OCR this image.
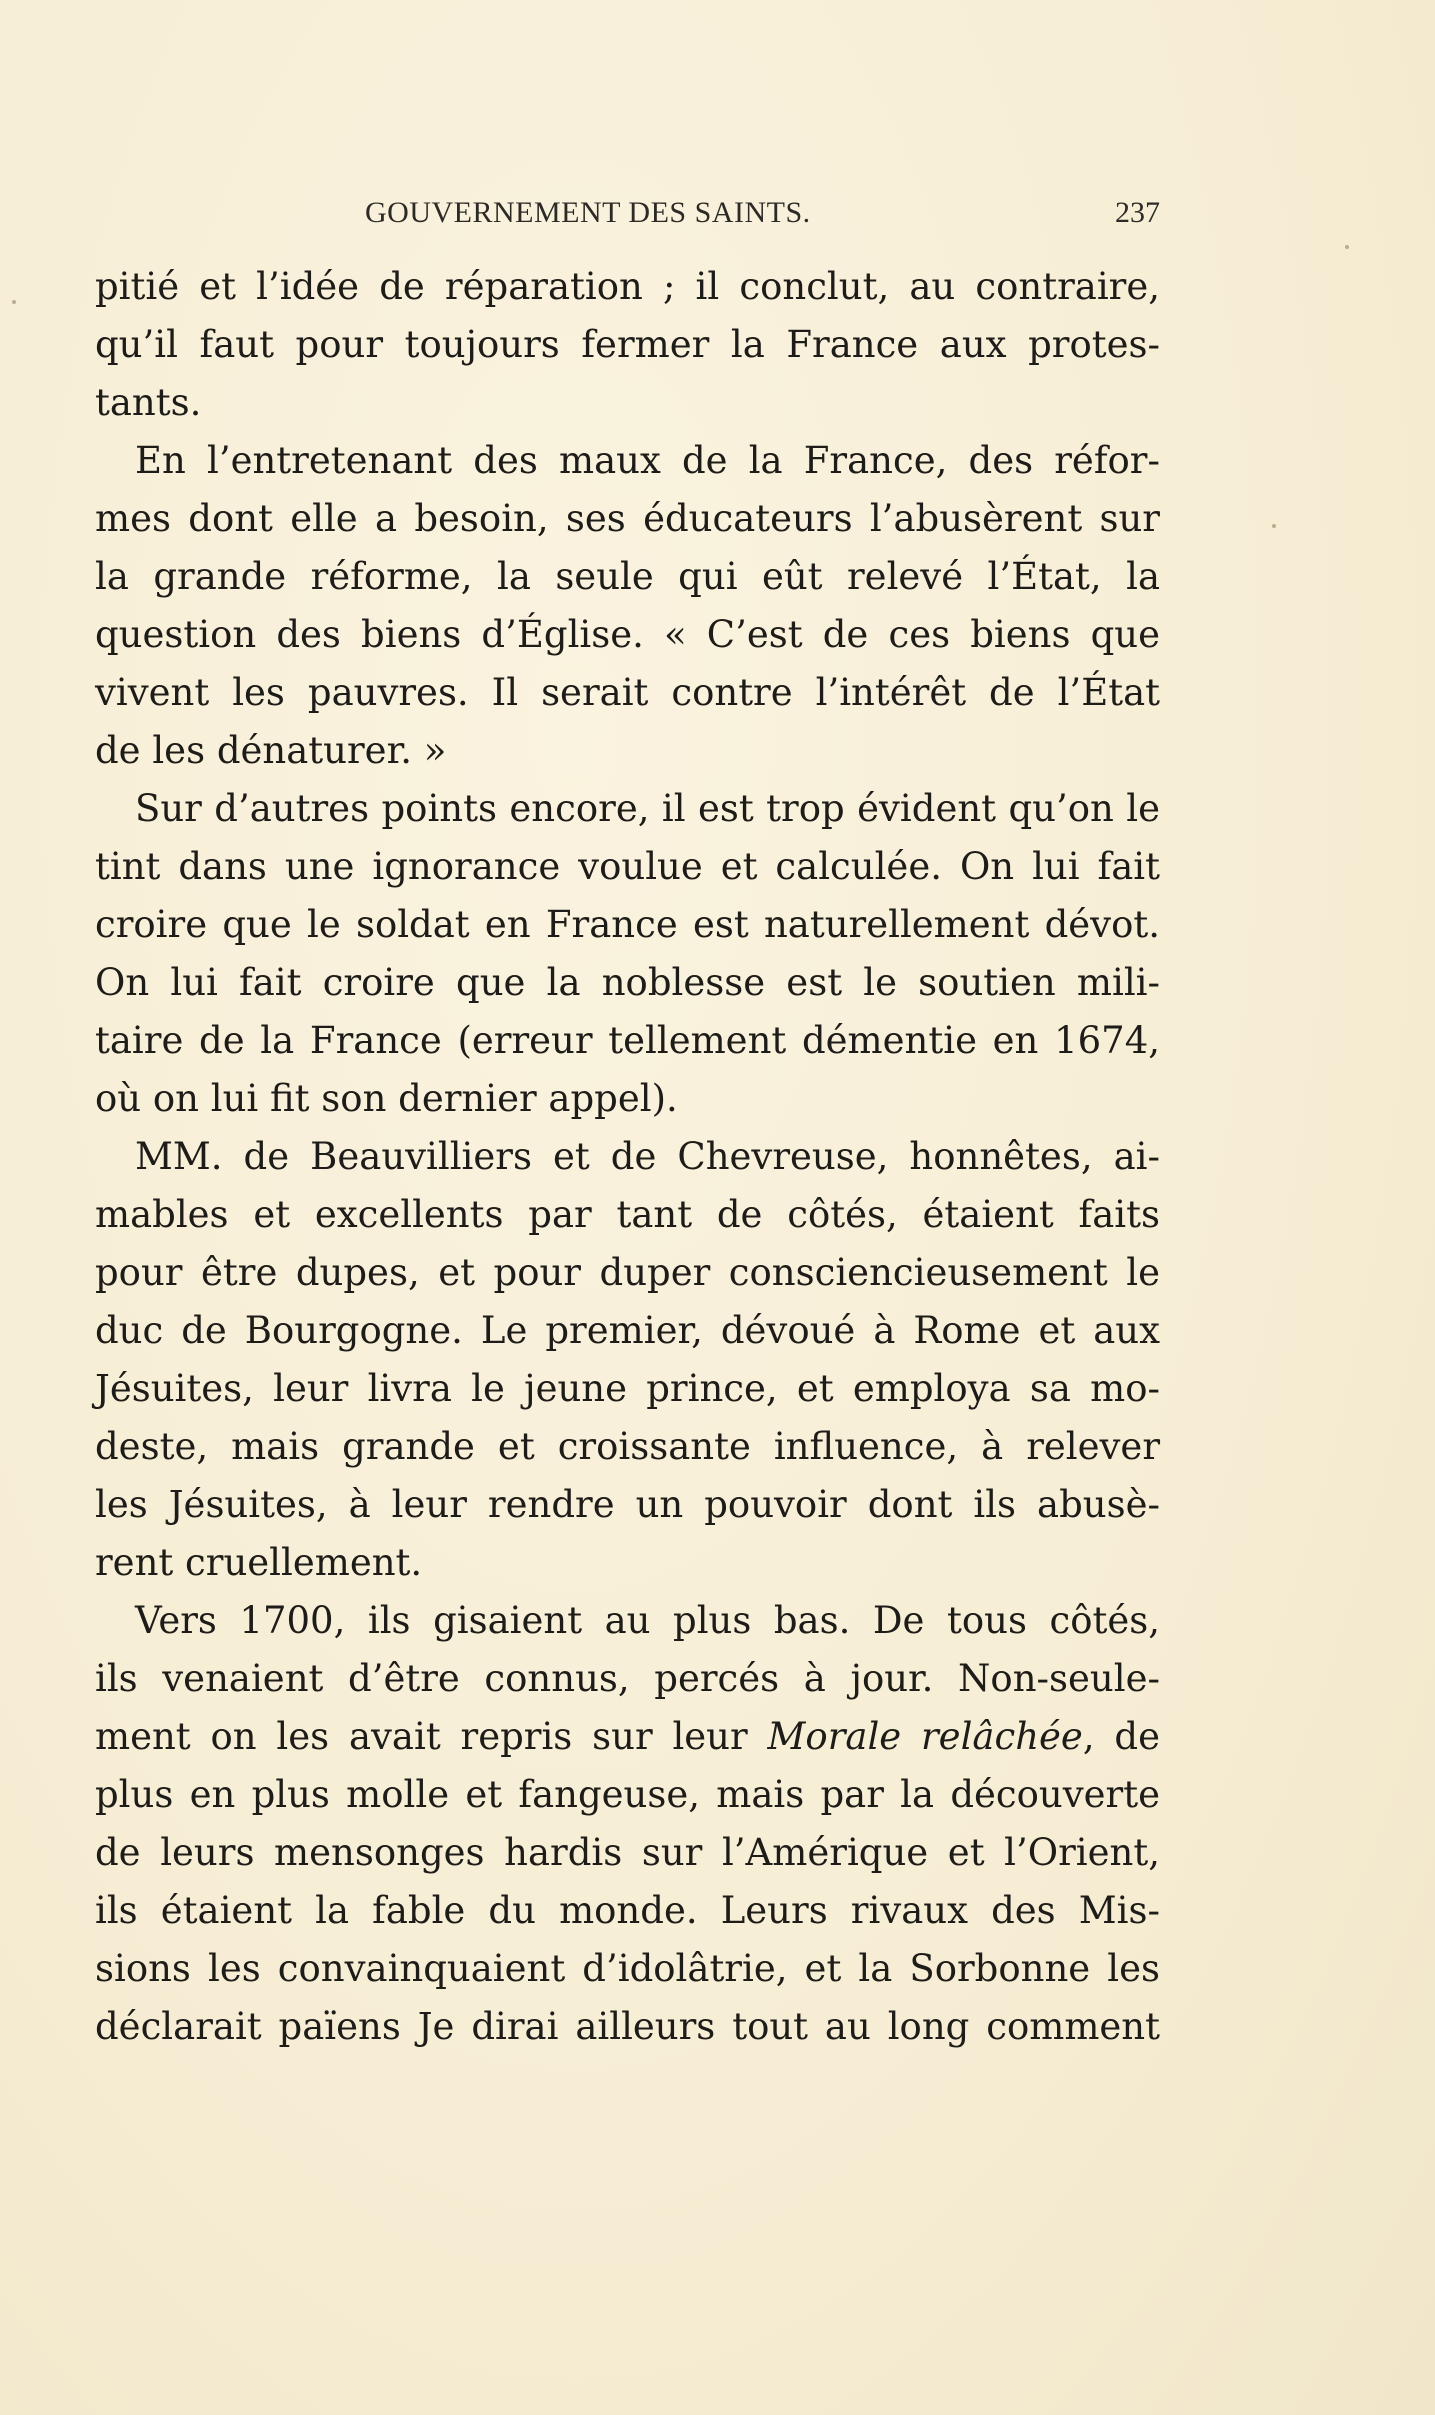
GOUVERNEMENT DES SAINTS.	237
pitié et l’idée de réparation ; il conclut, au contraire,
qu’il faut pour toujours fermer la France aux protes-
tants.
En l’entretenant des maux de la France, des réfor-
mes dont elle a besoin, ses éducateurs l’abusèrent sur
la grande réforme, la seule qui eût relevé l’État, la
question des biens d’Église. « C’est de ces biens que
vivent les pauvres. Il serait contre l’intérêt de l’État
de les dénaturer. »
Sur d’autres points encore, il est trop évident qu’on le
tint dans une ignorance voulue et calculée. On lui fait
croire que le soldat en France est naturellement dévot.
On lui fait croire que la noblesse est le soutien mili-
taire de la France (erreur tellement démentie en 1674,
où on lui fit son dernier appel).
MM. de Beauvilliers et de Chevreuse, honnêtes, ai-
mables et excellents par tant de côtés, étaient faits
pour être dupes, et pour duper consciencieusement le
duc de Bourgogne. Le premier, dévoué à Rome et aux
Jésuites, leur livra le jeune prince, et employa sa mo-
deste, mais grande et croissante influence, à relever
les Jésuites, à leur rendre un pouvoir dont ils abusè-
rent cruellement.
Vers 1700, ils gisaient au plus bas. De tous côtés,
ils venaient d’être connus, percés à jour. Non-seule-
ment on les avait repris sur leur Morale relâchée, de
plus en plus molle et fangeuse, mais par la découverte
de leurs mensonges hardis sur l’Amérique et l’Orient,
ils étaient la fable du monde. Leurs rivaux des Mis-
sions les convainquaient d’idolâtrie, et la Sorbonne les
déclarait païens Je dirai ailleurs tout au long comment
